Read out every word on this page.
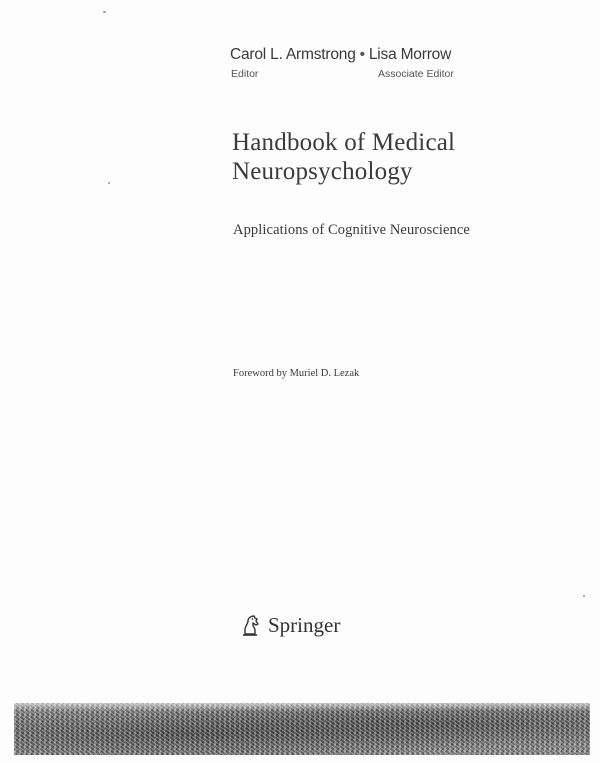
Carol L. Armstrong • Lisa Morrow
Editor	Associate Editor
Handbook of Medical
Neuropsychology
Applications of Cognitive Neuroscience
Foreword by Muriel D. Lezak
Springer
